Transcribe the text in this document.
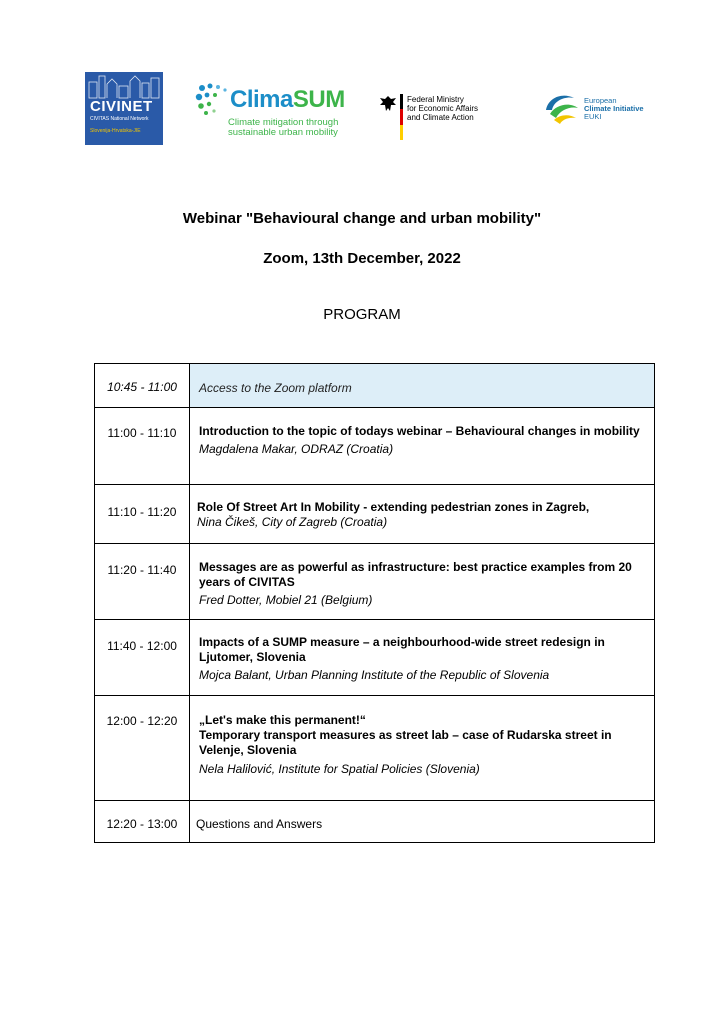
CIVINET
CIVITAS National Network
Slovenija-Hrvatska-JIE
ClimaSUM
Climate mitigation through sustainable urban mobility
Federal Ministry
for Economic Affairs
and Climate Action
European
Climate Initiative
EUKI
Webinar "Behavioural change and urban mobility"
Zoom, 13th December, 2022
PROGRAM
10:45 - 11:00	Access to the Zoom platform

11:00 - 11:10	Introduction to the topic of todays webinar – Behavioural changes in mobility
Magdalena Makar, ODRAZ (Croatia)

11:10 - 11:20	Role Of Street Art In Mobility - extending pedestrian zones in Zagreb,
Nina Čikeš, City of Zagreb (Croatia)

11:20 - 11:40	Messages are as powerful as infrastructure: best practice examples from 20 years of CIVITAS
Fred Dotter, Mobiel 21 (Belgium)

11:40 - 12:00	Impacts of a SUMP measure – a neighbourhood-wide street redesign in Ljutomer, Slovenia
Mojca Balant, Urban Planning Institute of the Republic of Slovenia

12:00 - 12:20	„Let's make this permanent!“
Temporary transport measures as street lab – case of Rudarska street in Velenje, Slovenia
Nela Halilović, Institute for Spatial Policies (Slovenia)

12:20 - 13:00	Questions and Answers
